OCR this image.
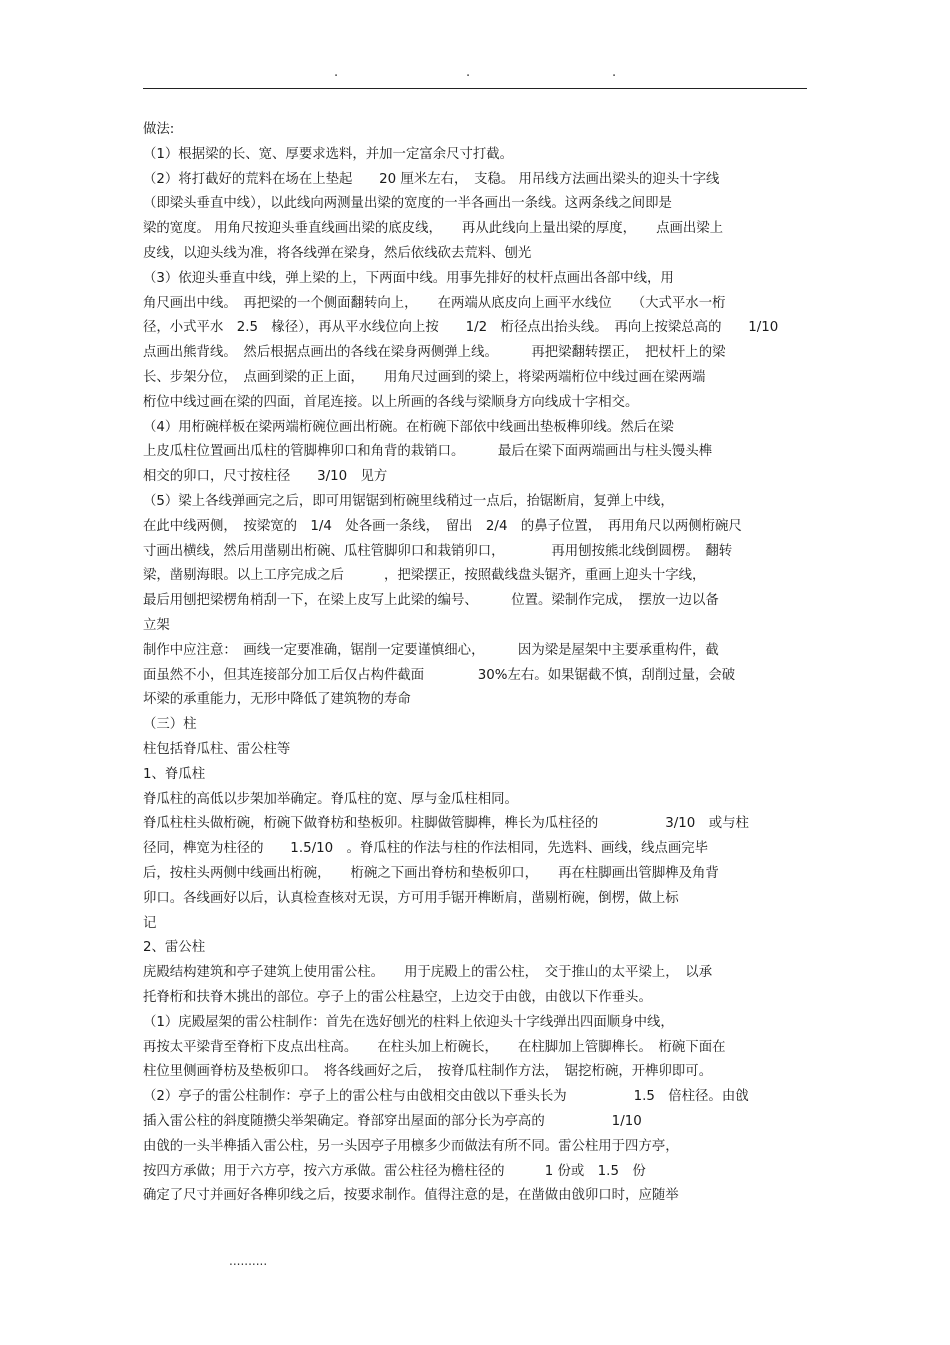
.	.	.
做法:
（1）根据梁的长、宽、厚要求选料，并加一定富余尺寸打截。
（2）将打截好的荒料在场在上垫起　　20 厘米左右，　支稳。 用吊线方法画出梁头的迎头十字线
（即梁头垂直中线），以此线向两测量出梁的宽度的一半各画出一条线。这两条线之间即是
梁的宽度。 用角尺按迎头垂直线画出梁的底皮线，　　再从此线向上量出梁的厚度，　　点画出梁上
皮线，以迎头线为准，将各线弹在梁身，然后依线砍去荒料、刨光
（3）依迎头垂直中线，弹上梁的上，下两面中线。用事先排好的杖杆点画出各部中线，用
角尺画出中线。　再把梁的一个侧面翻转向上，　　在两端从底皮向上画平水线位　　（大式平水一桁
径，小式平水　2.5　椽径），再从平水线位向上按　　1/2　桁径点出抬头线。　再向上按梁总高的　　1/10
点画出熊背线。　然后根据点画出的各线在梁身两侧弹上线。　　　再把梁翻转摆正，　把杖杆上的梁
长、步架分位，　点画到梁的正上面，　　用角尺过画到的梁上，将梁两端桁位中线过画在梁两端
桁位中线过画在梁的四面，首尾连接。以上所画的各线与梁顺身方向线成十字相交。
（4）用桁碗样板在梁两端桁碗位画出桁碗。在桁碗下部依中线画出垫板榫卯线。然后在梁
上皮瓜柱位置画出瓜柱的管脚榫卯口和角背的栽销口。　　　最后在梁下面两端画出与柱头馒头榫
相交的卯口，尺寸按柱径　　3/10　见方
（5）梁上各线弹画完之后，即可用锯锯到桁碗里线稍过一点后，抬锯断肩，复弹上中线，
在此中线两侧，　按梁宽的　1/4　处各画一条线，　留出　2/4　的鼻子位置，　再用角尺以两侧桁碗尺
寸画出横线，然后用凿剔出桁碗、瓜柱管脚卯口和栽销卯口，　　　　再用刨按熊北线倒圆楞。　翻转
梁，凿剔海眼。以上工序完成之后　　　，把梁摆正，按照截线盘头锯齐，重画上迎头十字线，
最后用刨把梁楞角梢刮一下，在梁上皮写上此梁的编号、　　　位置。梁制作完成，　摆放一边以备
立架
制作中应注意：　画线一定要准确，锯削一定要谨慎细心，　　　因为梁是屋架中主要承重构件，截
面虽然不小，但其连接部分加工后仅占构件截面　　　　30%左右。如果锯截不慎，刮削过量，会破
坏梁的承重能力，无形中降低了建筑物的寿命
（三）柱
柱包括脊瓜柱、雷公柱等
1、脊瓜柱
脊瓜柱的高低以步架加举确定。脊瓜柱的宽、厚与金瓜柱相同。
脊瓜柱柱头做桁碗，桁碗下做脊枋和垫板卯。柱脚做管脚榫，榫长为瓜柱径的　　　　　3/10　或与柱
径同，榫宽为柱径的　　1.5/10　。脊瓜柱的作法与柱的作法相同，先选料、画线，线点画完毕
后，按柱头两侧中线画出桁碗，　　桁碗之下画出脊枋和垫板卯口，　　再在柱脚画出管脚榫及角背
卯口。各线画好以后，认真检查核对无误，方可用手锯开榫断肩，凿剔桁碗，倒楞，做上标
记
2、雷公柱
庑殿结构建筑和亭子建筑上使用雷公柱。　　用于庑殿上的雷公柱，　交于推山的太平梁上，　以承
托脊桁和扶脊木挑出的部位。亭子上的雷公柱悬空，上边交于由戗，由戗以下作垂头。
（1）庑殿屋架的雷公柱制作：首先在选好刨光的柱料上依迎头十字线弹出四面顺身中线，
再按太平梁背至脊桁下皮点出柱高。　　在柱头加上桁碗长，　　在柱脚加上管脚榫长。　桁碗下面在
柱位里侧画脊枋及垫板卯口。　将各线画好之后，　按脊瓜柱制作方法，　锯挖桁碗，开榫卯即可。
（2）亭子的雷公柱制作：亭子上的雷公柱与由戗相交由戗以下垂头长为　　　　　1.5　倍柱径。由戗
插入雷公柱的斜度随攒尖举架确定。脊部穿出屋面的部分长为亭高的　　　　　1/10
由戗的一头半榫插入雷公柱，另一头因亭子用檩多少而做法有所不同。雷公柱用于四方亭，
按四方承做；用于六方亭，按六方承做。雷公柱径为檐柱径的　　　1 份或　1.5　份
确定了尺寸并画好各榫卯线之后，按要求制作。值得注意的是，在凿做由戗卯口时，应随举
..........
